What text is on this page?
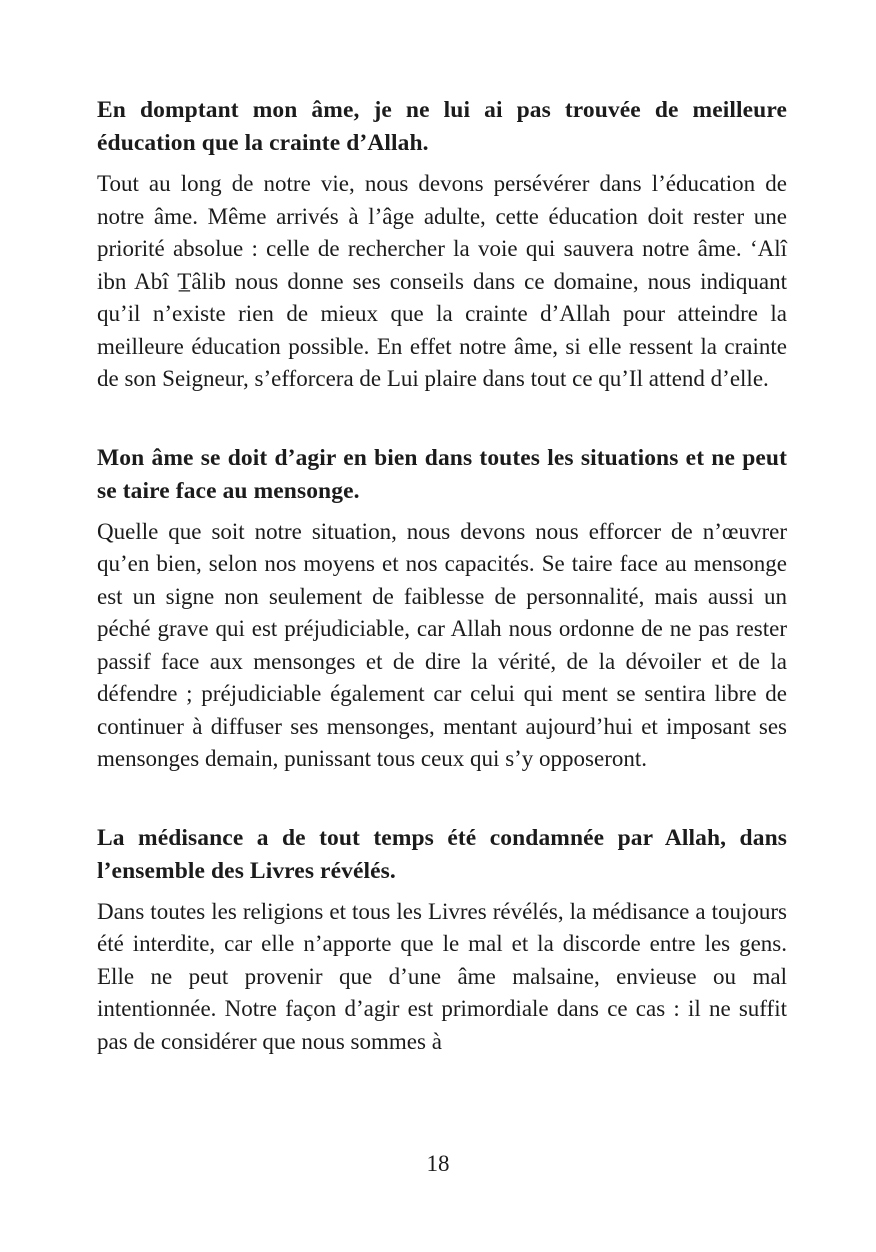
En domptant mon âme, je ne lui ai pas trouvée de meilleure éducation que la crainte d’Allah.

Tout au long de notre vie, nous devons persévérer dans l’éducation de notre âme. Même arrivés à l’âge adulte, cette éducation doit rester une priorité absolue : celle de rechercher la voie qui sauvera notre âme. ‘Alî ibn Abî T̲âlib nous donne ses conseils dans ce domaine, nous indiquant qu’il n’existe rien de mieux que la crainte d’Allah pour atteindre la meilleure éducation possible. En effet notre âme, si elle ressent la crainte de son Seigneur, s’efforcera de Lui plaire dans tout ce qu’Il attend d’elle.

Mon âme se doit d’agir en bien dans toutes les situations et ne peut se taire face au mensonge.

Quelle que soit notre situation, nous devons nous efforcer de n’œuvrer qu’en bien, selon nos moyens et nos capacités. Se taire face au mensonge est un signe non seulement de faiblesse de personnalité, mais aussi un péché grave qui est préjudiciable, car Allah nous ordonne de ne pas rester passif face aux mensonges et de dire la vérité, de la dévoiler et de la défendre ; préjudiciable également car celui qui ment se sentira libre de continuer à diffuser ses mensonges, mentant aujourd’hui et imposant ses mensonges demain, punissant tous ceux qui s’y opposeront.

La médisance a de tout temps été condamnée par Allah, dans l’ensemble des Livres révélés.

Dans toutes les religions et tous les Livres révélés, la médisance a toujours été interdite, car elle n’apporte que le mal et la discorde entre les gens. Elle ne peut provenir que d’une âme malsaine, envieuse ou mal intentionnée. Notre façon d’agir est primordiale dans ce cas : il ne suffit pas de considérer que nous sommes à

18
